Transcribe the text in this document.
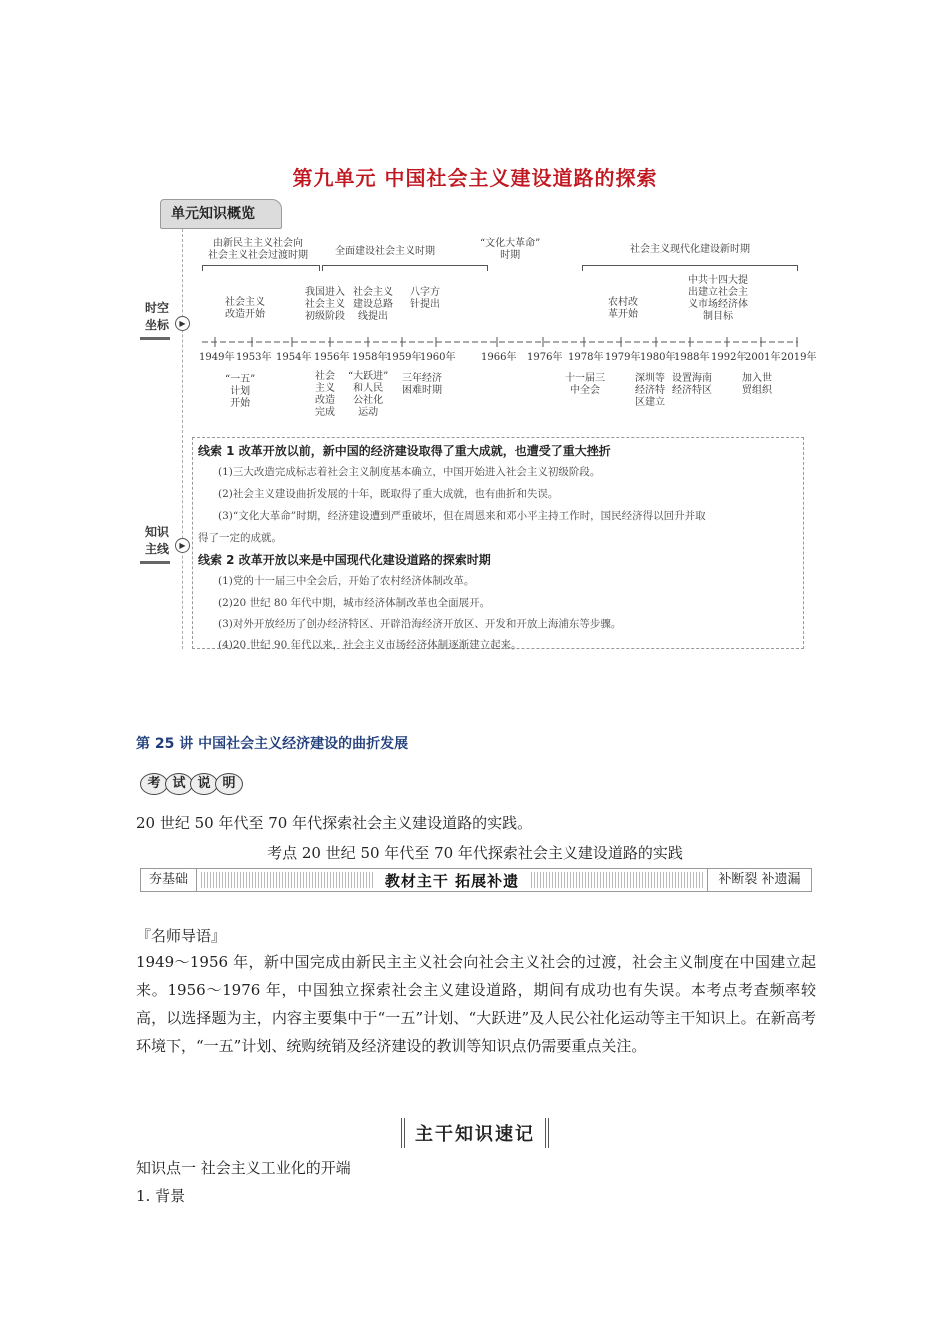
第九单元 中国社会主义建设道路的探索
单元知识概览
时空
坐标	▶
知识
主线	▶
由新民主主义社会向
社会主义社会过渡时期	全面建设社会主义时期
“文化大革命”
时期
社会主义现代化建设新时期
社会主义
改造开始
我国进入
社会主义
初级阶段
社会主义
建设总路
线提出
八字方
针提出	农村改
革开始
中共十四大提
出建立社会主
义市场经济体
制目标
1949年 1953年 1954年 1956年 1958年
1959年
1960年	1966年 1976年 1978年 1979年 1980年
1988年 1992年
2001年 2019年
“一五”
计划
开始
社会
主义
改造
完成
“大跃进”
和人民
公社化
运动
三年经济
困难时期
十一届三
中全会
深圳等
经济特
区建立
设置海南
经济特区
加入世
贸组织
线索 1 改革开放以前，新中国的经济建设取得了重大成就，也遭受了重大挫折
(1)三大改造完成标志着社会主义制度基本确立，中国开始进入社会主义初级阶段。
(2)社会主义建设曲折发展的十年，既取得了重大成就，也有曲折和失误。
(3)“文化大革命”时期，经济建设遭到严重破坏，但在周恩来和邓小平主持工作时，国民经济得以回升并取
得了一定的成就。
线索 2 改革开放以来是中国现代化建设道路的探索时期
(1)党的十一届三中全会后，开始了农村经济体制改革。
(2)20 世纪 80 年代中期，城市经济体制改革也全面展开。
(3)对外开放经历了创办经济特区、开辟沿海经济开放区、开发和开放上海浦东等步骤。
(4)20 世纪 90 年代以来，社会主义市场经济体制逐渐建立起来。
第 25 讲 中国社会主义经济建设的曲折发展
考 试 说 明
20 世纪 50 年代至 70 年代探索社会主义建设道路的实践。
考点 20 世纪 50 年代至 70 年代探索社会主义建设道路的实践
夯基础	教材主干 拓展补遗	补断裂 补遗漏
『名师导语』
1949～1956 年，新中国完成由新民主主义社会向社会主义社会的过渡，社会主义制度在中国建立起来。1956～1976 年，中国独立探索社会主义建设道路，期间有成功也有失误。本考点考查频率较高，以选择题为主，内容主要集中于“一五”计划、“大跃进”及人民公社化运动等主干知识上。在新高考环境下，“一五”计划、统购统销及经济建设的教训等知识点仍需要重点关注。
主干知识速记
知识点一 社会主义工业化的开端
1. 背景
